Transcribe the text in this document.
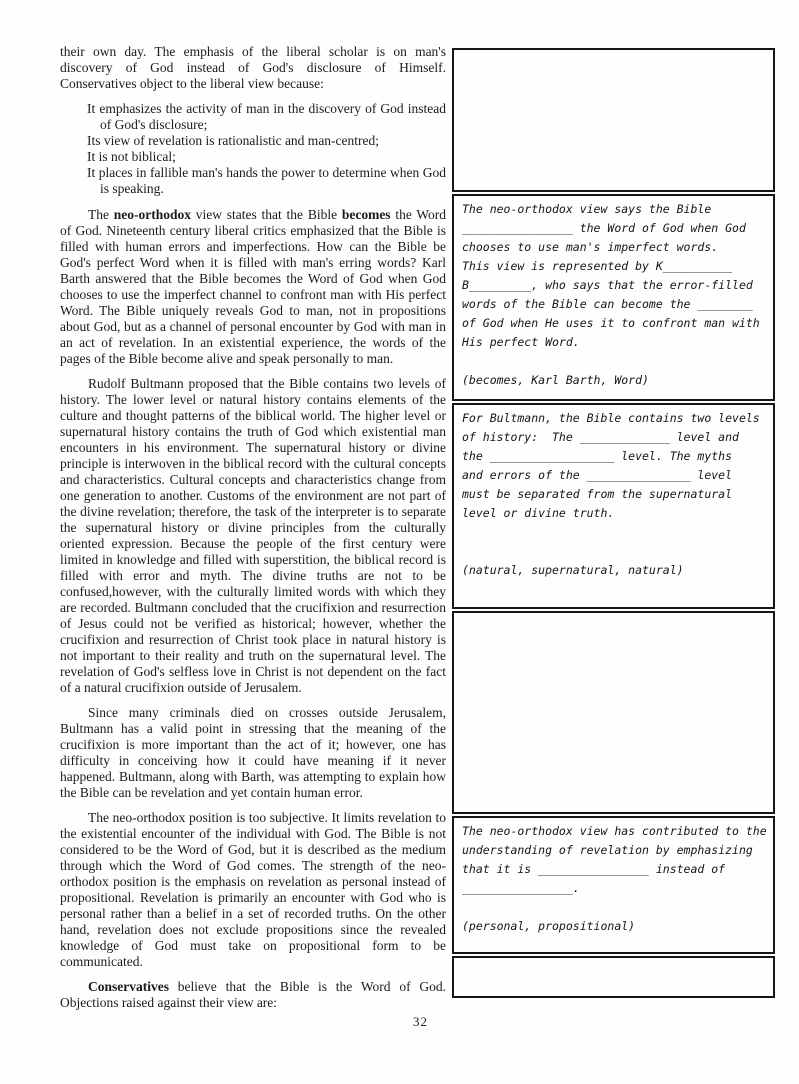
their own day. The emphasis of the liberal scholar is on man's discovery of God instead of God's disclosure of Himself. Conservatives object to the liberal view because:

It emphasizes the activity of man in the discovery of God instead of God's disclosure;
Its view of revelation is rationalistic and man-centred;
It is not biblical;
It places in fallible man's hands the power to determine when God is speaking.

The neo-orthodox view states that the Bible becomes the Word of God. Nineteenth century liberal critics emphasized that the Bible is filled with human errors and imperfections. How can the Bible be God's perfect Word when it is filled with man's erring words? Karl Barth answered that the Bible becomes the Word of God when God chooses to use the imperfect channel to confront man with His perfect Word. The Bible uniquely reveals God to man, not in propositions about God, but as a channel of personal encounter by God with man in an act of revelation. In an existential experience, the words of the pages of the Bible become alive and speak personally to man.

Rudolf Bultmann proposed that the Bible contains two levels of history. The lower level or natural history contains elements of the culture and thought patterns of the biblical world. The higher level or supernatural history contains the truth of God which existential man encounters in his environment. The supernatural history or divine principle is interwoven in the biblical record with the cultural concepts and characteristics. Cultural concepts and characteristics change from one generation to another. Customs of the environment are not part of the divine revelation; therefore, the task of the interpreter is to separate the supernatural history or divine principles from the culturally oriented expression. Because the people of the first century were limited in knowledge and filled with superstition, the biblical record is filled with error and myth. The divine truths are not to be confused,however, with the culturally limited words with which they are recorded. Bultmann concluded that the crucifixion and resurrection of Jesus could not be verified as historical; however, whether the crucifixion and resurrection of Christ took place in natural history is not important to their reality and truth on the supernatural level. The revelation of God's selfless love in Christ is not dependent on the fact of a natural crucifixion outside of Jerusalem.

Since many criminals died on crosses outside Jerusalem, Bultmann has a valid point in stressing that the meaning of the crucifixion is more important than the act of it; however, one has difficulty in conceiving how it could have meaning if it never happened. Bultmann, along with Barth, was attempting to explain how the Bible can be revelation and yet contain human error.

The neo-orthodox position is too subjective. It limits revelation to the existential encounter of the individual with God. The Bible is not considered to be the Word of God, but it is described as the medium through which the Word of God comes. The strength of the neo-orthodox position is the emphasis on revelation as personal instead of propositional. Revelation is primarily an encounter with God who is personal rather than a belief in a set of recorded truths. On the other hand, revelation does not exclude propositions since the revealed knowledge of God must take on propositional form to be communicated.

Conservatives believe that the Bible is the Word of God. Objections raised against their view are:

The neo-orthodox view says the Bible
________________ the Word of God when God
chooses to use man's imperfect words.
This view is represented by K__________
B_________, who says that the error-filled
words of the Bible can become the ________
of God when He uses it to confront man with
His perfect Word.

(becomes, Karl Barth, Word)
For Bultmann, the Bible contains two levels
of history:  The _____________ level and
the __________________ level. The myths
and errors of the _______________ level
must be separated from the supernatural
level or divine truth.

(natural, supernatural, natural)
The neo-orthodox view has contributed to the
understanding of revelation by emphasizing
that it is ________________ instead of
________________.

(personal, propositional)
32
